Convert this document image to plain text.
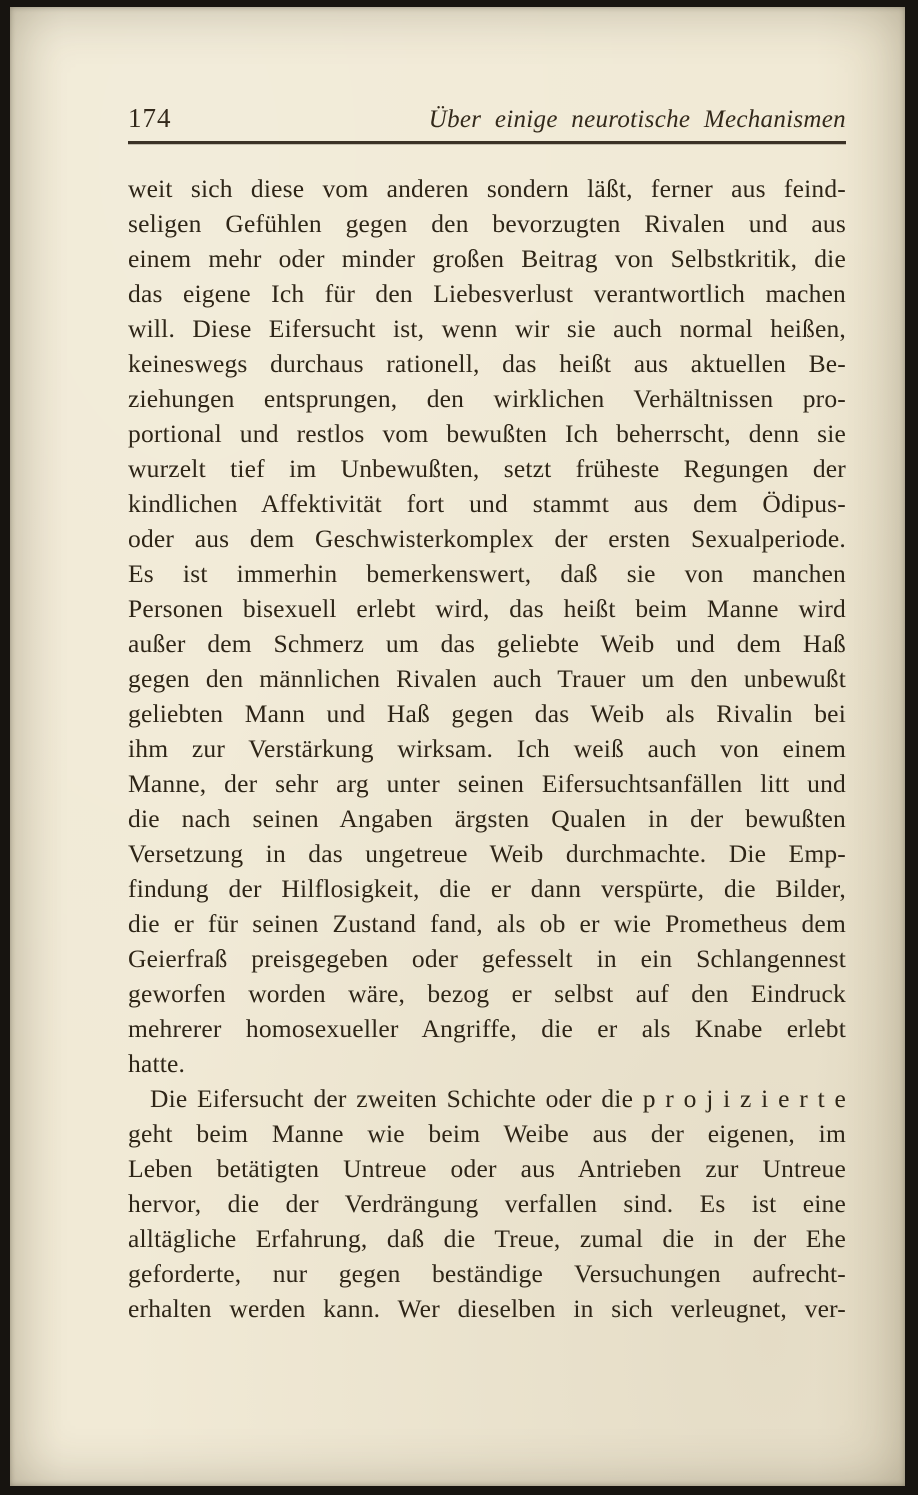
174	Über einige neurotische Mechanismen
weit sich diese vom anderen sondern läßt, ferner aus feind-
seligen Gefühlen gegen den bevorzugten Rivalen und aus
einem mehr oder minder großen Beitrag von Selbstkritik, die
das eigene Ich für den Liebesverlust verantwortlich machen
will. Diese Eifersucht ist, wenn wir sie auch normal heißen,
keineswegs durchaus rationell, das heißt aus aktuellen Be-
ziehungen entsprungen, den wirklichen Verhältnissen pro-
portional und restlos vom bewußten Ich beherrscht, denn sie
wurzelt tief im Unbewußten, setzt früheste Regungen der
kindlichen Affektivität fort und stammt aus dem Ödipus-
oder aus dem Geschwisterkomplex der ersten Sexualperiode.
Es ist immerhin bemerkenswert, daß sie von manchen
Personen bisexuell erlebt wird, das heißt beim Manne wird
außer dem Schmerz um das geliebte Weib und dem Haß
gegen den männlichen Rivalen auch Trauer um den unbewußt
geliebten Mann und Haß gegen das Weib als Rivalin bei
ihm zur Verstärkung wirksam. Ich weiß auch von einem
Manne, der sehr arg unter seinen Eifersuchtsanfällen litt und
die nach seinen Angaben ärgsten Qualen in der bewußten
Versetzung in das ungetreue Weib durchmachte. Die Emp-
findung der Hilflosigkeit, die er dann verspürte, die Bilder,
die er für seinen Zustand fand, als ob er wie Prometheus dem
Geierfraß preisgegeben oder gefesselt in ein Schlangennest
geworfen worden wäre, bezog er selbst auf den Eindruck
mehrerer homosexueller Angriffe, die er als Knabe erlebt
hatte.
Die Eifersucht der zweiten Schichte oder die p r o j i z i e r t e
geht beim Manne wie beim Weibe aus der eigenen, im
Leben betätigten Untreue oder aus Antrieben zur Untreue
hervor, die der Verdrängung verfallen sind. Es ist eine
alltägliche Erfahrung, daß die Treue, zumal die in der Ehe
geforderte, nur gegen beständige Versuchungen aufrecht-
erhalten werden kann. Wer dieselben in sich verleugnet, ver-
